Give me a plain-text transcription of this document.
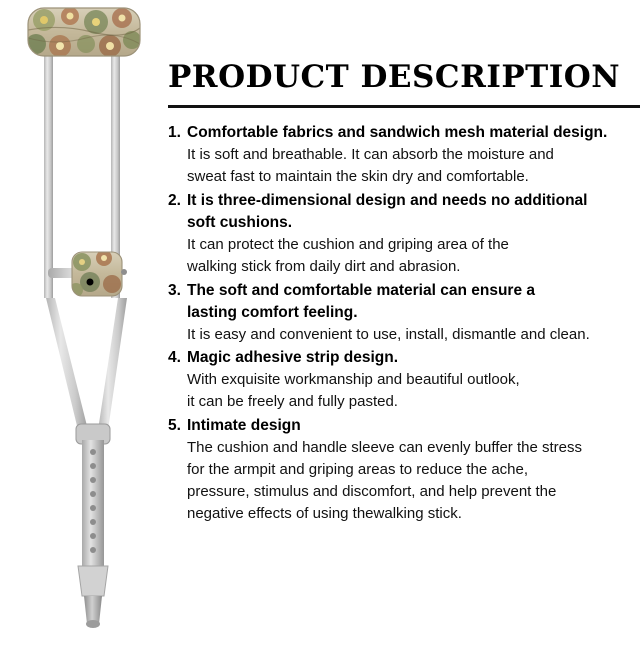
PRODUCT DESCRIPTION
1. Comfortable fabrics and sandwich mesh material design.
It is soft and breathable. It can absorb the moisture and
sweat fast to maintain the skin dry and comfortable.
2. It is three-dimensional design and needs no additional
soft cushions.
It can protect the cushion and griping area of the
walking stick from daily dirt and abrasion.
3. The soft and comfortable material can ensure a
lasting comfort feeling.
It is easy and convenient to use, install, dismantle and clean.
4. Magic adhesive strip design.
With exquisite workmanship and beautiful outlook,
it can be freely and fully pasted.
5. Intimate design
The cushion and handle sleeve can evenly buffer the stress
for the armpit and griping areas to reduce the ache,
pressure, stimulus and discomfort, and help prevent the
negative effects of using thewalking stick.
